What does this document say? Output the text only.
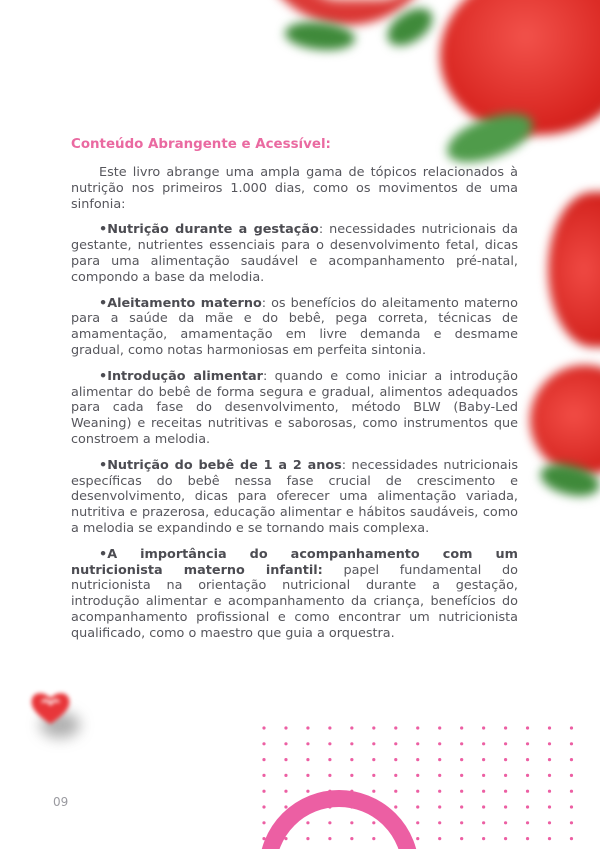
Conteúdo Abrangente e Acessível:

Este livro abrange uma ampla gama de tópicos relacionados à nutrição nos primeiros 1.000 dias, como os movimentos de uma sinfonia:

•Nutrição durante a gestação: necessidades nutricionais da gestante, nutrientes essenciais para o desenvolvimento fetal, dicas para uma alimentação saudável e acompanhamento pré-natal, compondo a base da melodia.

•Aleitamento materno: os benefícios do aleitamento materno para a saúde da mãe e do bebê, pega correta, técnicas de amamentação, amamentação em livre demanda e desmame gradual, como notas harmoniosas em perfeita sintonia.

•Introdução alimentar: quando e como iniciar a introdução alimentar do bebê de forma segura e gradual, alimentos adequados para cada fase do desenvolvimento, método BLW (Baby-Led Weaning) e receitas nutritivas e saborosas, como instrumentos que constroem a melodia.

•Nutrição do bebê de 1 a 2 anos: necessidades nutricionais específicas do bebê nessa fase crucial de crescimento e desenvolvimento, dicas para oferecer uma alimentação variada, nutritiva e prazerosa, educação alimentar e hábitos saudáveis, como a melodia se expandindo e se tornando mais complexa.

•A importância do acompanhamento com um nutricionista materno infantil: papel fundamental do nutricionista na orientação nutricional durante a gestação, introdução alimentar e acompanhamento da criança, benefícios do acompanhamento profissional e como encontrar um nutricionista qualificado, como o maestro que guia a orquestra.

09
